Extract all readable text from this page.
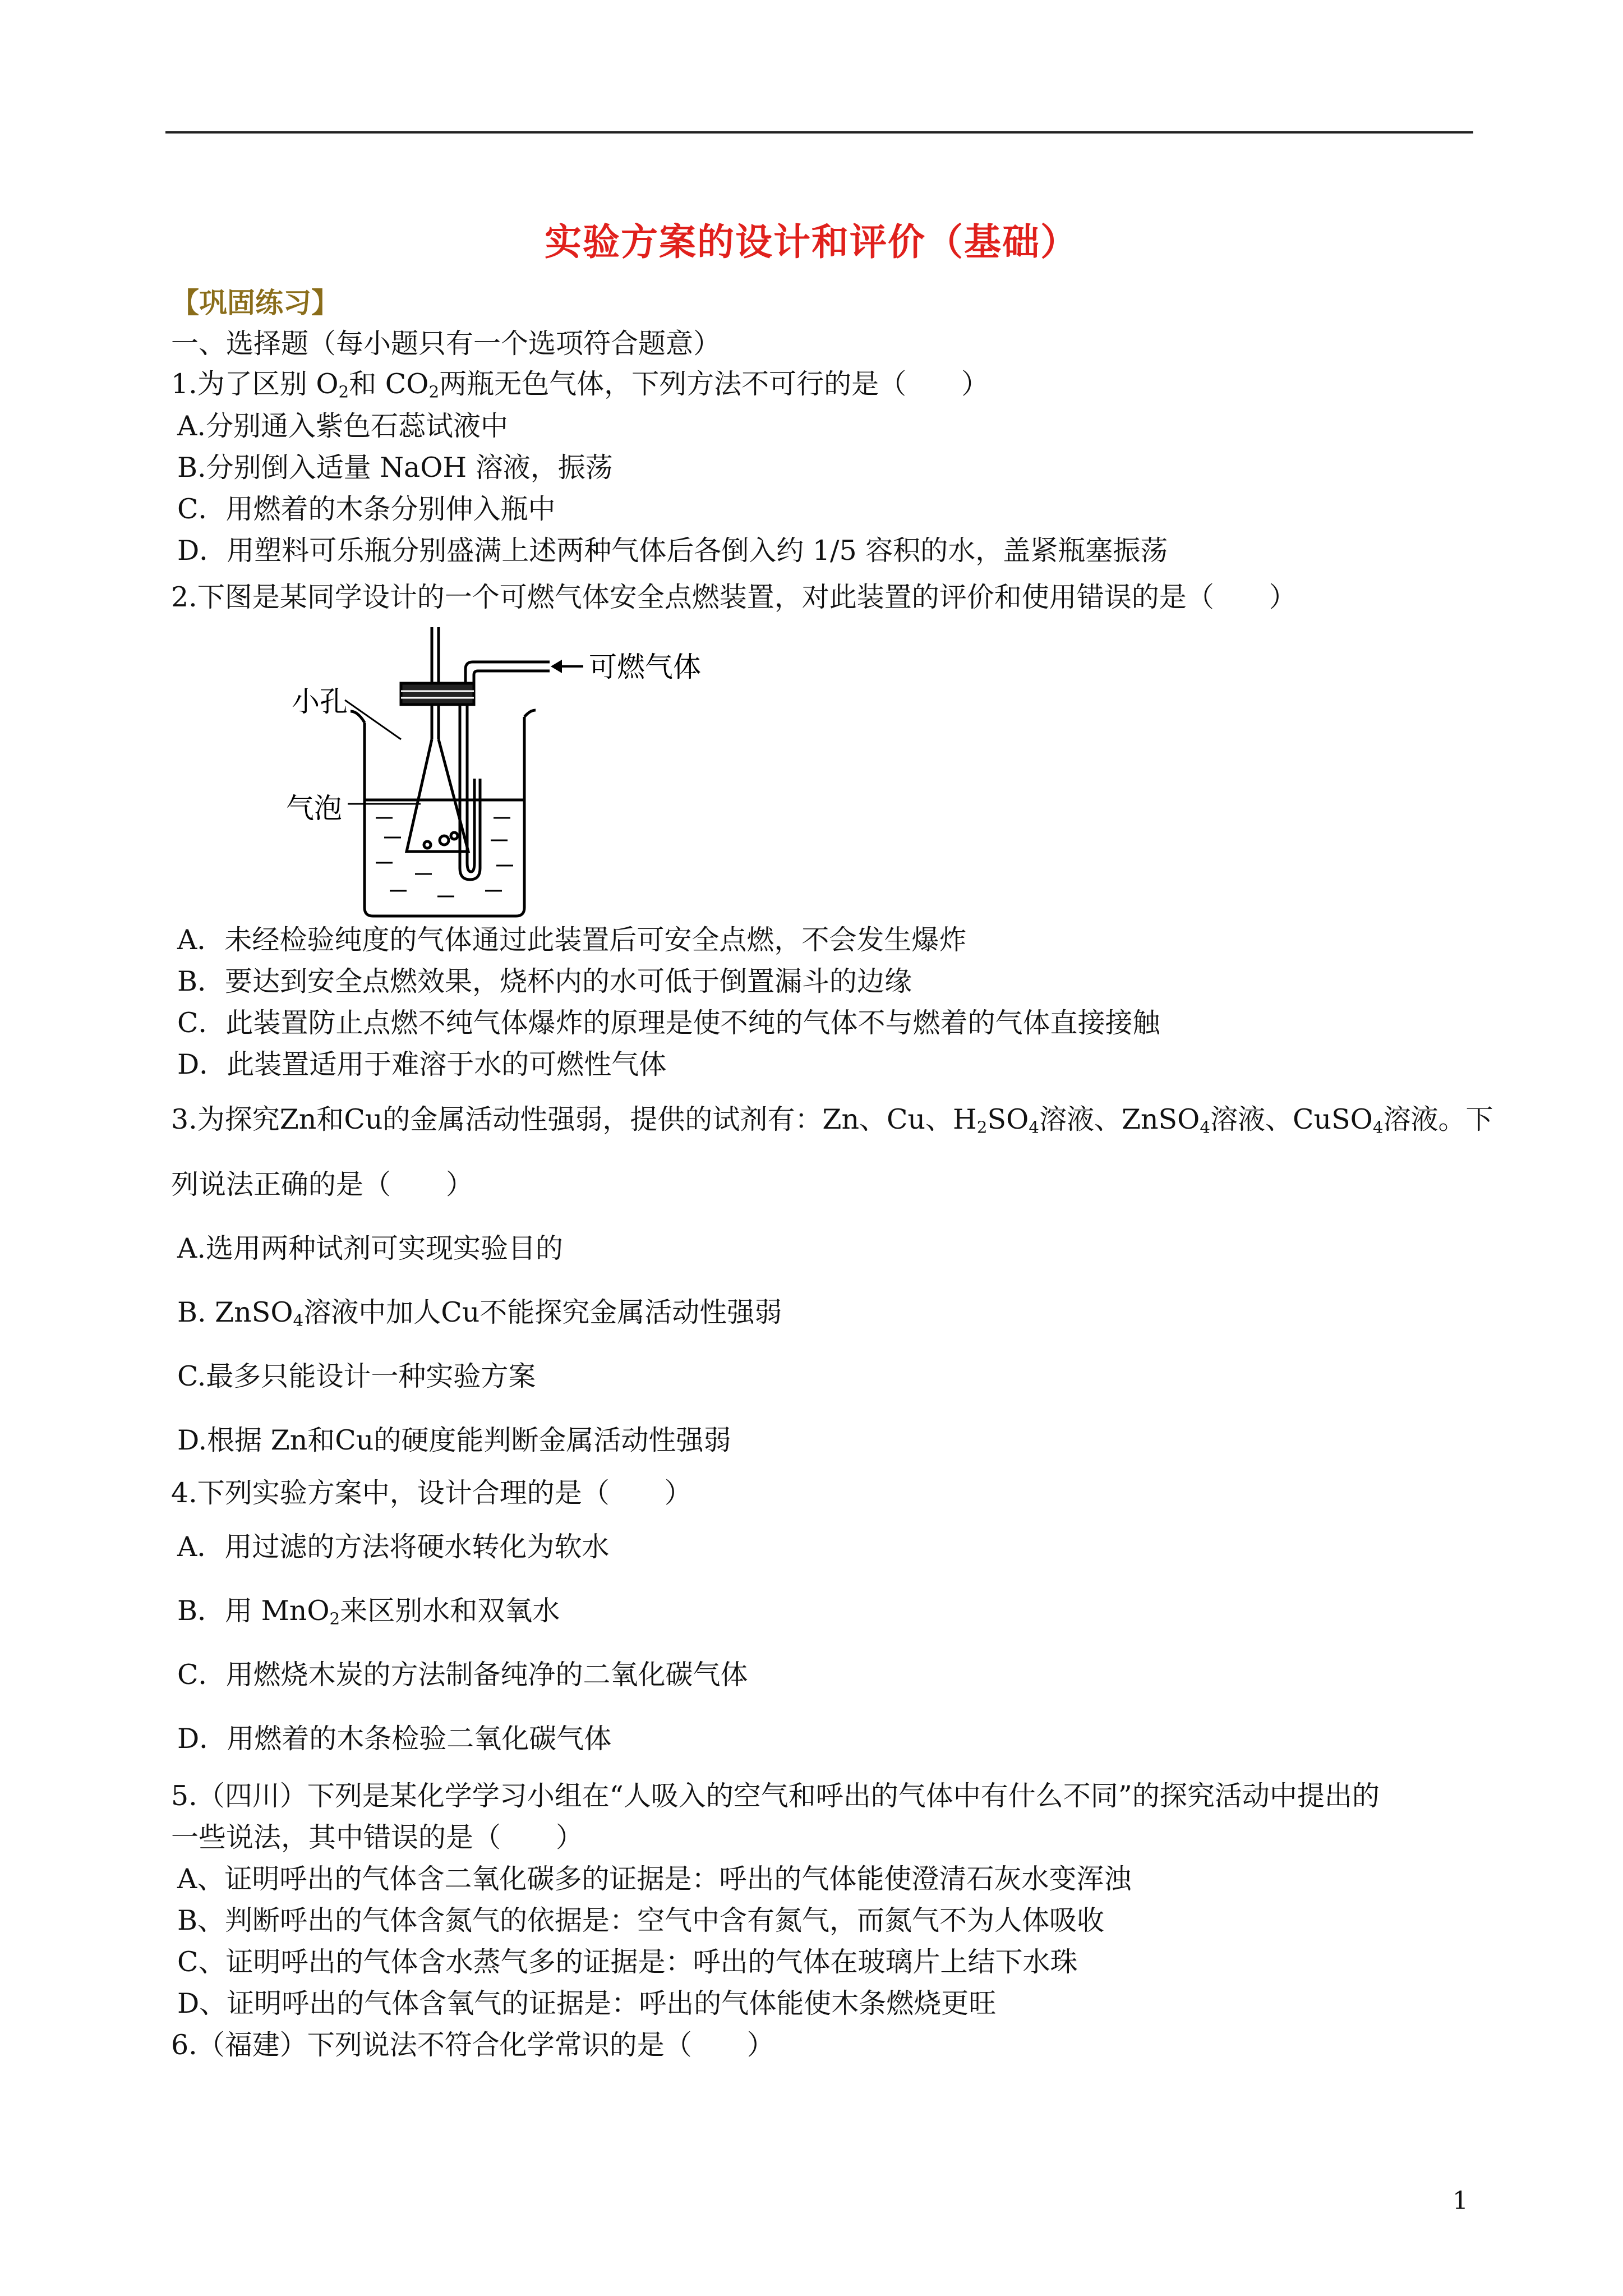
实验方案的设计和评价（基础）
【巩固练习】
一、选择题（每小题只有一个选项符合题意）
1.为了区别 $O_2$和 $CO_2$两瓶无色气体，下列方法不可行的是（　　）
A.分别通入紫色石蕊试液中
B.分别倒入适量 NaOH 溶液，振荡
C．用燃着的木条分别伸入瓶中
D．用塑料可乐瓶分别盛满上述两种气体后各倒入约 1/5 容积的水，盖紧瓶塞振荡
2.下图是某同学设计的一个可燃气体安全点燃装置，对此装置的评价和使用错误的是（　　）
小孔
可燃气体
气泡
A．未经检验纯度的气体通过此装置后可安全点燃，不会发生爆炸
B．要达到安全点燃效果，烧杯内的水可低于倒置漏斗的边缘
C．此装置防止点燃不纯气体爆炸的原理是使不纯的气体不与燃着的气体直接接触
D．此装置适用于难溶于水的可燃性气体
3.为探究Zn和Cu的金属活动性强弱，提供的试剂有：Zn、Cu、$H_2SO_4$溶液、ZnSO$_4$溶液、CuSO$_4$溶液。下
列说法正确的是（　　）
A.选用两种试剂可实现实验目的
B. ZnSO$_4$溶液中加人Cu不能探究金属活动性强弱
C.最多只能设计一种实验方案
D.根据 Zn和Cu的硬度能判断金属活动性强弱
4.下列实验方案中，设计合理的是（　　）
A．用过滤的方法将硬水转化为软水
B．用 MnO$_2$来区别水和双氧水
C．用燃烧木炭的方法制备纯净的二氧化碳气体
D．用燃着的木条检验二氧化碳气体
5.（四川）下列是某化学学习小组在“人吸入的空气和呼出的气体中有什么不同”的探究活动中提出的
一些说法，其中错误的是（　　）
A、证明呼出的气体含二氧化碳多的证据是：呼出的气体能使澄清石灰水变浑浊
B、判断呼出的气体含氮气的依据是：空气中含有氮气，而氮气不为人体吸收
C、证明呼出的气体含水蒸气多的证据是：呼出的气体在玻璃片上结下水珠
D、证明呼出的气体含氧气的证据是：呼出的气体能使木条燃烧更旺
6.（福建）下列说法不符合化学常识的是（　　）
1
